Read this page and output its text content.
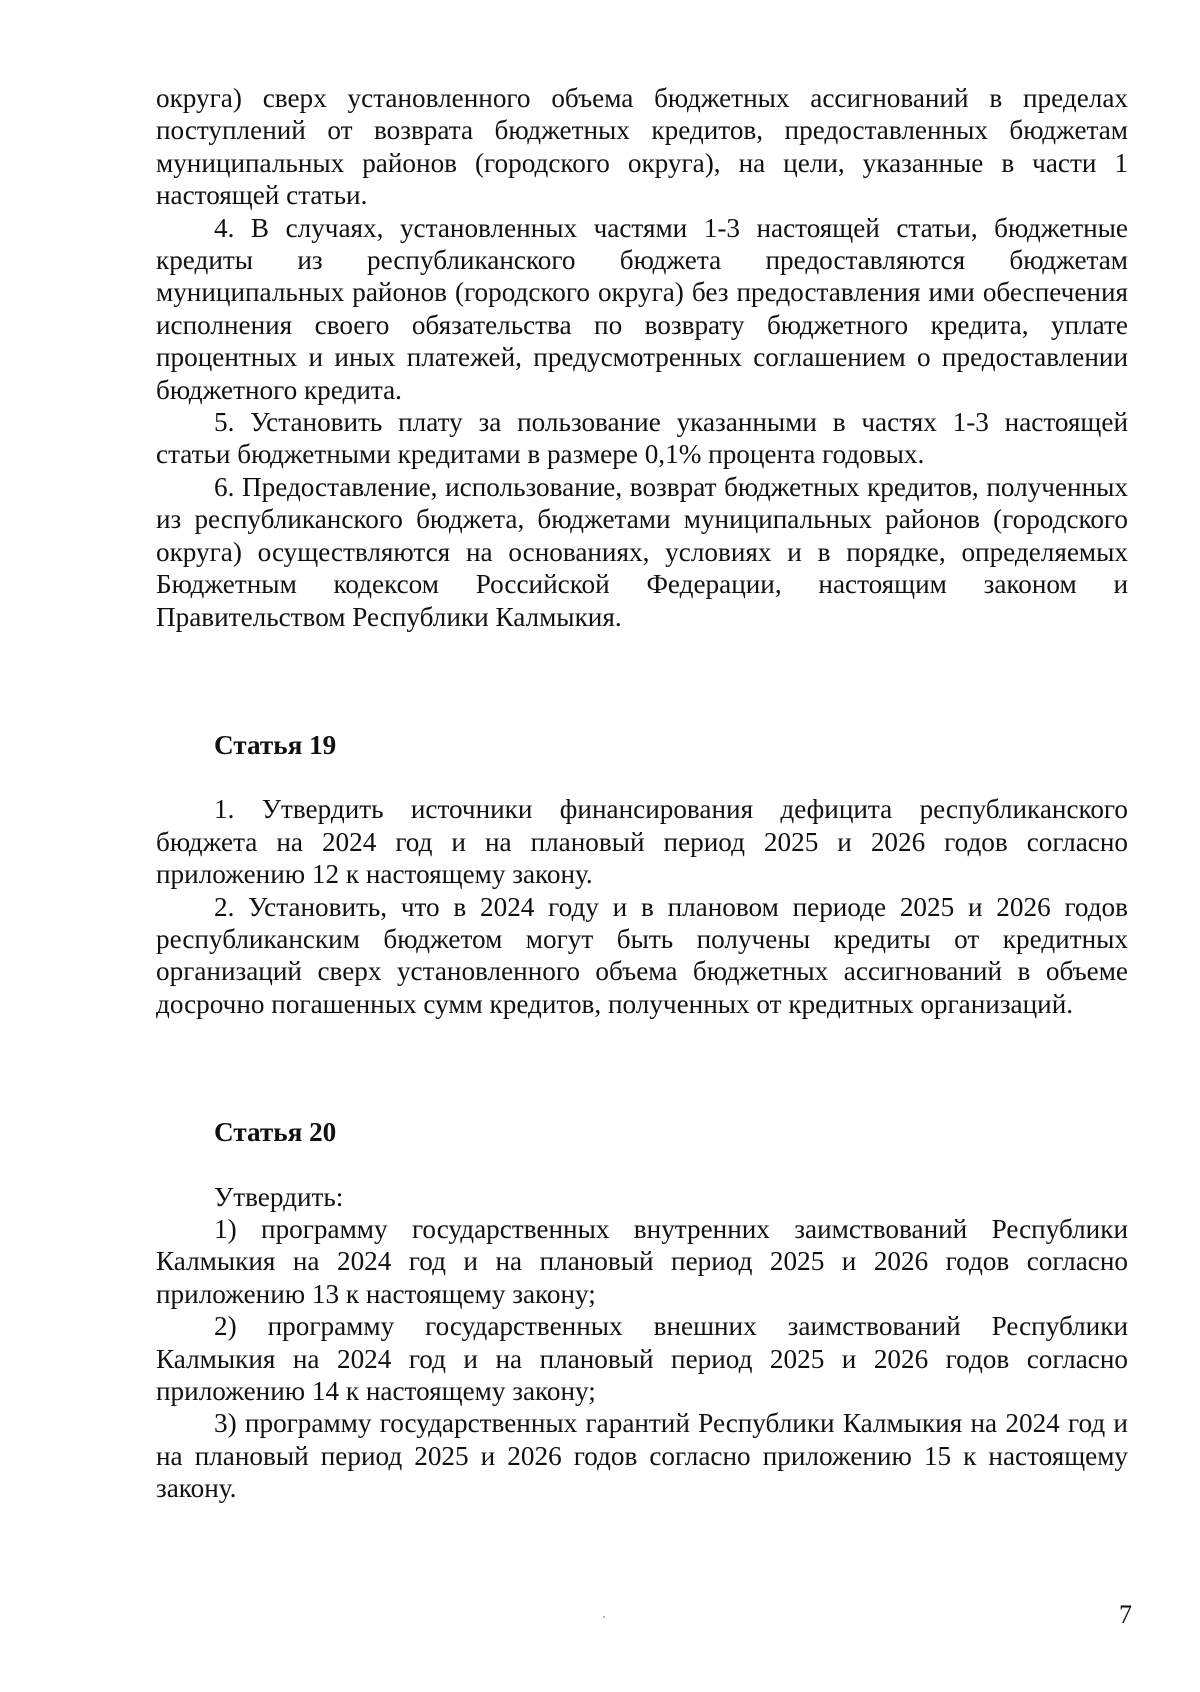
округа) сверх установленного объема бюджетных ассигнований в пределах поступлений от возврата бюджетных кредитов, предоставленных бюджетам муниципальных районов (городского округа), на цели, указанные в части 1 настоящей статьи.

4. В случаях, установленных частями 1-3 настоящей статьи, бюджетные кредиты из республиканского бюджета предоставляются бюджетам муниципальных районов (городского округа) без предоставления ими обеспечения исполнения своего обязательства по возврату бюджетного кредита, уплате процентных и иных платежей, предусмотренных соглашением о предоставлении бюджетного кредита.

5. Установить плату за пользование указанными в частях 1-3 настоящей статьи бюджетными кредитами в размере 0,1% процента годовых.

6. Предоставление, использование, возврат бюджетных кредитов, полученных из республиканского бюджета, бюджетами муниципальных районов (городского округа) осуществляются на основаниях, условиях и в порядке, определяемых Бюджетным кодексом Российской Федерации, настоящим законом и Правительством Республики Калмыкия.

Статья 19

1. Утвердить источники финансирования дефицита республиканского бюджета на 2024 год и на плановый период 2025 и 2026 годов согласно приложению 12 к настоящему закону.

2. Установить, что в 2024 году и в плановом периоде 2025 и 2026 годов республиканским бюджетом могут быть получены кредиты от кредитных организаций сверх установленного объема бюджетных ассигнований в объеме досрочно погашенных сумм кредитов, полученных от кредитных организаций.

Статья 20

Утвердить:

1) программу государственных внутренних заимствований Республики Калмыкия на 2024 год и на плановый период 2025 и 2026 годов согласно приложению 13 к настоящему закону;

2) программу государственных внешних заимствований Республики Калмыкия на 2024 год и на плановый период 2025 и 2026 годов согласно приложению 14 к настоящему закону;

3) программу государственных гарантий Республики Калмыкия на 2024 год и на плановый период 2025 и 2026 годов согласно приложению 15 к настоящему закону.

7
